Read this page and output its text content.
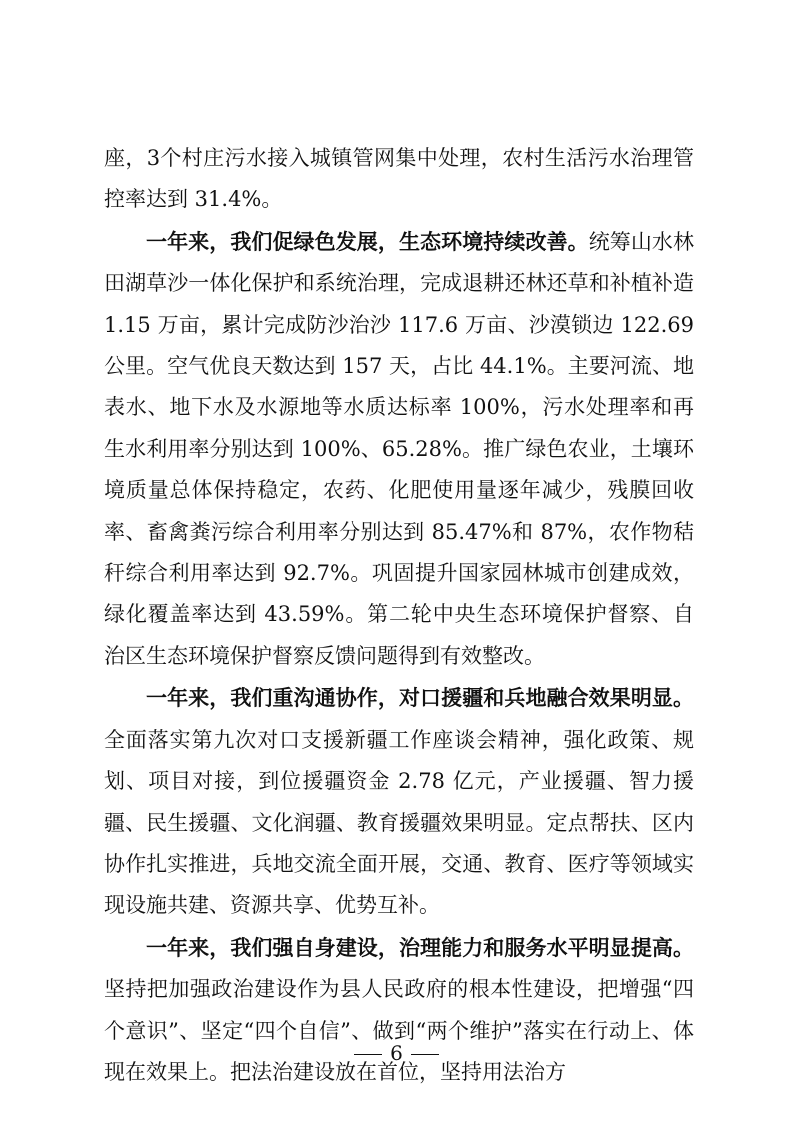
座，3个村庄污水接入城镇管网集中处理，农村生活污水治理管控率达到 31.4%。

一年来，我们促绿色发展，生态环境持续改善。统筹山水林田湖草沙一体化保护和系统治理，完成退耕还林还草和补植补造 1.15 万亩，累计完成防沙治沙 117.6 万亩、沙漠锁边 122.69 公里。空气优良天数达到 157 天，占比 44.1%。主要河流、地表水、地下水及水源地等水质达标率 100%，污水处理率和再生水利用率分别达到 100%、65.28%。推广绿色农业，土壤环境质量总体保持稳定，农药、化肥使用量逐年减少，残膜回收率、畜禽粪污综合利用率分别达到 85.47%和 87%，农作物秸秆综合利用率达到 92.7%。巩固提升国家园林城市创建成效，绿化覆盖率达到 43.59%。第二轮中央生态环境保护督察、自治区生态环境保护督察反馈问题得到有效整改。

一年来，我们重沟通协作，对口援疆和兵地融合效果明显。全面落实第九次对口支援新疆工作座谈会精神，强化政策、规划、项目对接，到位援疆资金 2.78 亿元，产业援疆、智力援疆、民生援疆、文化润疆、教育援疆效果明显。定点帮扶、区内协作扎实推进，兵地交流全面开展，交通、教育、医疗等领域实现设施共建、资源共享、优势互补。

一年来，我们强自身建设，治理能力和服务水平明显提高。坚持把加强政治建设作为县人民政府的根本性建设，把增强“四个意识”、坚定“四个自信”、做到“两个维护”落实在行动上、体现在效果上。把法治建设放在首位，坚持用法治方

6
